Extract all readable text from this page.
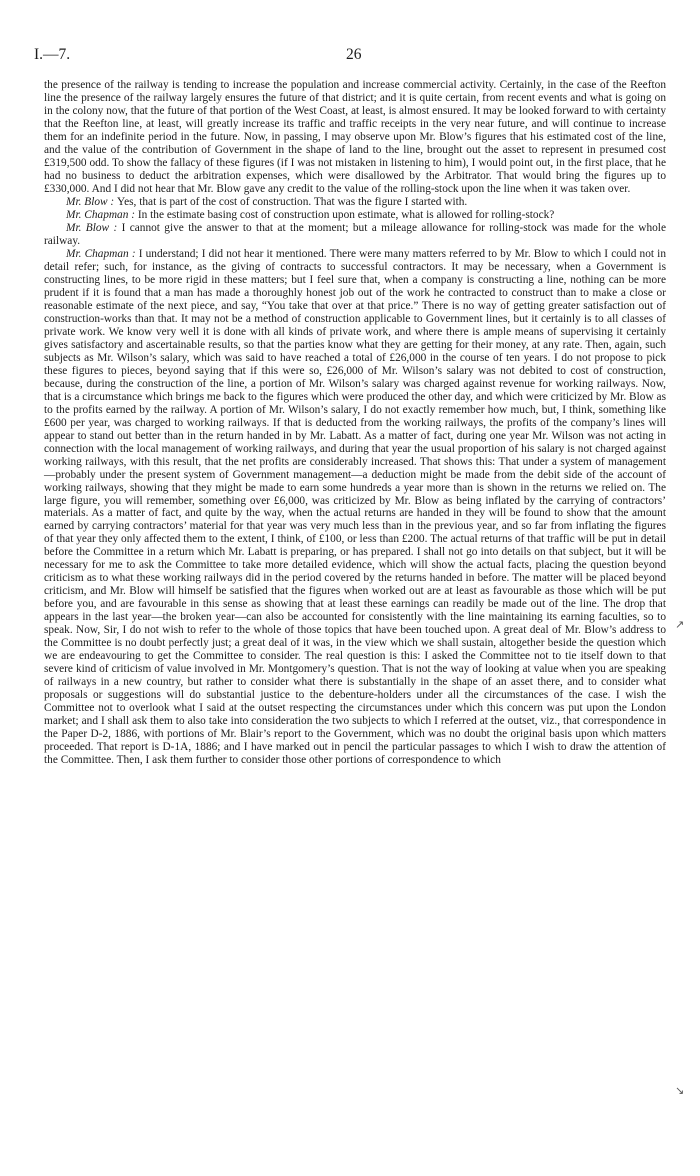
I.—7.	26

the presence of the railway is tending to increase the population and increase commercial activity. Certainly, in the case of the Reefton line the presence of the railway largely ensures the future of that district; and it is quite certain, from recent events and what is going on in the colony now, that the future of that portion of the West Coast, at least, is almost ensured. It may be looked forward to with certainty that the Reefton line, at least, will greatly increase its traffic and traffic receipts in the very near future, and will continue to increase them for an indefinite period in the future. Now, in passing, I may observe upon Mr. Blow’s figures that his estimated cost of the line, and the value of the contribution of Government in the shape of land to the line, brought out the asset to represent in presumed cost £319,500 odd. To show the fallacy of these figures (if I was not mistaken in listening to him), I would point out, in the first place, that he had no business to deduct the arbitration expenses, which were disallowed by the Arbitrator. That would bring the figures up to £330,000. And I did not hear that Mr. Blow gave any credit to the value of the rolling-stock upon the line when it was taken over.

Mr. Blow : Yes, that is part of the cost of construction. That was the figure I started with.

Mr. Chapman : In the estimate basing cost of construction upon estimate, what is allowed for rolling-stock?

Mr. Blow : I cannot give the answer to that at the moment; but a mileage allowance for rolling-stock was made for the whole railway.

Mr. Chapman : I understand; I did not hear it mentioned. There were many matters referred to by Mr. Blow to which I could not in detail refer; such, for instance, as the giving of contracts to successful contractors. It may be necessary, when a Government is constructing lines, to be more rigid in these matters; but I feel sure that, when a company is constructing a line, nothing can be more prudent if it is found that a man has made a thoroughly honest job out of the work he contracted to construct than to make a close or reasonable estimate of the next piece, and say, “You take that over at that price.” There is no way of getting greater satisfaction out of construction-works than that. It may not be a method of construction applicable to Government lines, but it certainly is to all classes of private work. We know very well it is done with all kinds of private work, and where there is ample means of supervising it certainly gives satisfactory and ascertainable results, so that the parties know what they are getting for their money, at any rate. Then, again, such subjects as Mr. Wilson’s salary, which was said to have reached a total of £26,000 in the course of ten years. I do not propose to pick these figures to pieces, beyond saying that if this were so, £26,000 of Mr. Wilson’s salary was not debited to cost of construction, because, during the construction of the line, a portion of Mr. Wilson’s salary was charged against revenue for working railways. Now, that is a circumstance which brings me back to the figures which were produced the other day, and which were criticized by Mr. Blow as to the profits earned by the railway. A portion of Mr. Wilson’s salary, I do not exactly remember how much, but, I think, something like £600 per year, was charged to working railways. If that is deducted from the working railways, the profits of the company’s lines will appear to stand out better than in the return handed in by Mr. Labatt. As a matter of fact, during one year Mr. Wilson was not acting in connection with the local management of working railways, and during that year the usual proportion of his salary is not charged against working railways, with this result, that the net profits are considerably increased. That shows this: That under a system of management—probably under the present system of Government management—a deduction might be made from the debit side of the account of working railways, showing that they might be made to earn some hundreds a year more than is shown in the returns we relied on. The large figure, you will remember, something over £6,000, was criticized by Mr. Blow as being inflated by the carrying of contractors’ materials. As a matter of fact, and quite by the way, when the actual returns are handed in they will be found to show that the amount earned by carrying contractors’ material for that year was very much less than in the previous year, and so far from inflating the figures of that year they only affected them to the extent, I think, of £100, or less than £200. The actual returns of that traffic will be put in detail before the Committee in a return which Mr. Labatt is preparing, or has prepared. I shall not go into details on that subject, but it will be necessary for me to ask the Committee to take more detailed evidence, which will show the actual facts, placing the question beyond criticism as to what these working railways did in the period covered by the returns handed in before. The matter will be placed beyond criticism, and Mr. Blow will himself be satisfied that the figures when worked out are at least as favourable as those which will be put before you, and are favourable in this sense as showing that at least these earnings can readily be made out of the line. The drop that appears in the last year—the broken year—can also be accounted for consistently with the line maintaining its earning faculties, so to speak. Now, Sir, I do not wish to refer to the whole of those topics that have been touched upon. A great deal of Mr. Blow’s address to the Committee is no doubt perfectly just; a great deal of it was, in the view which we shall sustain, altogether beside the question which we are endeavouring to get the Committee to consider. The real question is this: I asked the Committee not to tie itself down to that severe kind of criticism of value involved in Mr. Montgomery’s question. That is not the way of looking at value when you are speaking of railways in a new country, but rather to consider what there is substantially in the shape of an asset there, and to consider what proposals or suggestions will do substantial justice to the debenture-holders under all the circumstances of the case. I wish the Committee not to overlook what I said at the outset respecting the circumstances under which this concern was put upon the London market; and I shall ask them to also take into consideration the two subjects to which I referred at the outset, viz., that correspondence in the Paper D-2, 1886, with portions of Mr. Blair’s report to the Government, which was no doubt the original basis upon which matters proceeded. That report is D-1A, 1886; and I have marked out in pencil the particular passages to which I wish to draw the attention of the Committee. Then, I ask them further to consider those other portions of correspondence to which

↗
↘
